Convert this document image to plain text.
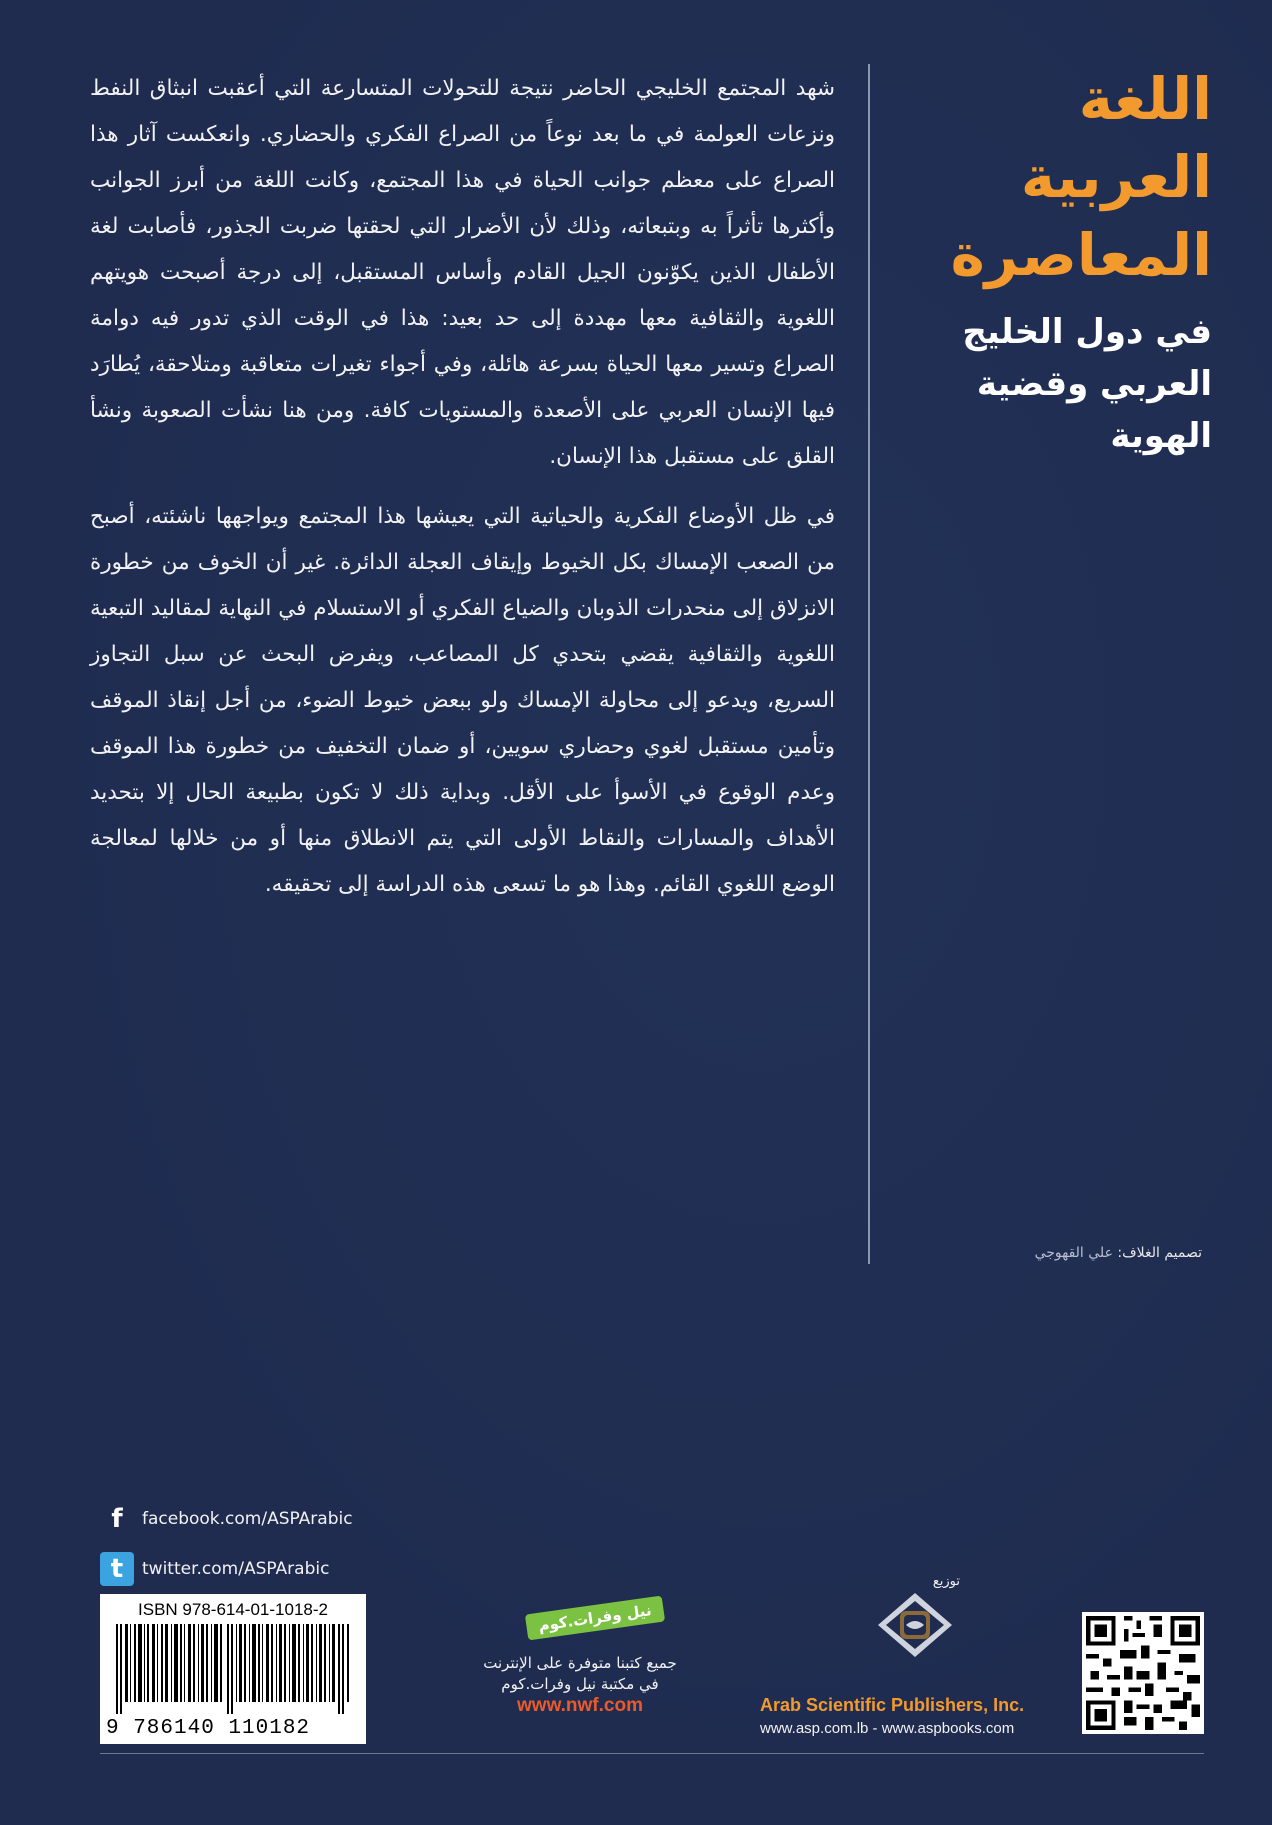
اللغة العربية
المعاصرة
في دول الخليج
العربي وقضية الهوية

شهد المجتمع الخليجي الحاضر نتيجة للتحولات المتسارعة التي أعقبت انبثاق النفط ونزعات العولمة في ما بعد نوعاً من الصراع الفكري والحضاري. وانعكست آثار هذا الصراع على معظم جوانب الحياة في هذا المجتمع، وكانت اللغة من أبرز الجوانب وأكثرها تأثراً به وبتبعاته، وذلك لأن الأضرار التي لحقتها ضربت الجذور، فأصابت لغة الأطفال الذين يكوّنون الجيل القادم وأساس المستقبل، إلى درجة أصبحت هويتهم اللغوية والثقافية معها مهددة إلى حد بعيد: هذا في الوقت الذي تدور فيه دوامة الصراع وتسير معها الحياة بسرعة هائلة، وفي أجواء تغيرات متعاقبة ومتلاحقة، يُطارَد فيها الإنسان العربي على الأصعدة والمستويات كافة. ومن هنا نشأت الصعوبة ونشأ القلق على مستقبل هذا الإنسان.

في ظل الأوضاع الفكرية والحياتية التي يعيشها هذا المجتمع ويواجهها ناشئته، أصبح من الصعب الإمساك بكل الخيوط وإيقاف العجلة الدائرة. غير أن الخوف من خطورة الانزلاق إلى منحدرات الذوبان والضياع الفكري أو الاستسلام في النهاية لمقاليد التبعية اللغوية والثقافية يقضي بتحدي كل المصاعب، ويفرض البحث عن سبل التجاوز السريع، ويدعو إلى محاولة الإمساك ولو ببعض خيوط الضوء، من أجل إنقاذ الموقف وتأمين مستقبل لغوي وحضاري سويين، أو ضمان التخفيف من خطورة هذا الموقف وعدم الوقوع في الأسوأ على الأقل. وبداية ذلك لا تكون بطبيعة الحال إلا بتحديد الأهداف والمسارات والنقاط الأولى التي يتم الانطلاق منها أو من خلالها لمعالجة الوضع اللغوي القائم. وهذا هو ما تسعى هذه الدراسة إلى تحقيقه.

تصميم الغلاف: علي القهوجي
f	facebook.com/ASPArabic
t	twitter.com/ASPArabic
ISBN 978-614-01-1018-2
9 786140 110182
نيل وفرات.كوم
جميع كتبنا متوفرة على الإنترنت
في مكتبة نيل وفرات.كوم
www.nwf.com
توزيع
Arab Scientific Publishers, Inc.
www.asp.com.lb - www.aspbooks.com
